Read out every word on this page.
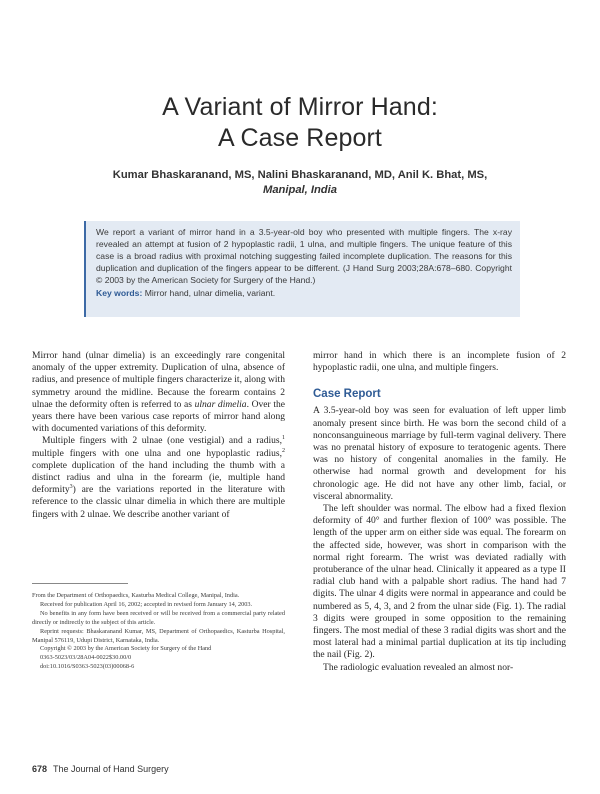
A Variant of Mirror Hand:
A Case Report
Kumar Bhaskaranand, MS, Nalini Bhaskaranand, MD, Anil K. Bhat, MS,
Manipal, India
We report a variant of mirror hand in a 3.5-year-old boy who presented with multiple fingers. The x-ray revealed an attempt at fusion of 2 hypoplastic radii, 1 ulna, and multiple fingers. The unique feature of this case is a broad radius with proximal notching suggesting failed incomplete duplication. The reasons for this duplication and duplication of the fingers appear to be different. (J Hand Surg 2003;28A:678–680. Copyright © 2003 by the American Society for Surgery of the Hand.)
Key words: Mirror hand, ulnar dimelia, variant.

Mirror hand (ulnar dimelia) is an exceedingly rare congenital anomaly of the upper extremity. Duplication of ulna, absence of radius, and presence of multiple fingers characterize it, along with symmetry around the midline. Because the forearm contains 2 ulnae the deformity often is referred to as ulnar dimelia. Over the years there have been various case reports of mirror hand along with documented variations of this deformity.

Multiple fingers with 2 ulnae (one vestigial) and a radius,$^1$ multiple fingers with one ulna and one hypoplastic radius,$^2$ complete duplication of the hand including the thumb with a distinct radius and ulna in the forearm (ie, multiple hand deformity$^3$) are the variations reported in the literature with reference to the classic ulnar dimelia in which there are multiple fingers with 2 ulnae. We describe another variant of

mirror hand in which there is an incomplete fusion of 2 hypoplastic radii, one ulna, and multiple fingers.

Case Report

A 3.5-year-old boy was seen for evaluation of left upper limb anomaly present since birth. He was born the second child of a nonconsanguineous marriage by full-term vaginal delivery. There was no prenatal history of exposure to teratogenic agents. There was no history of congenital anomalies in the family. He otherwise had normal growth and development for his chronologic age. He did not have any other limb, facial, or visceral abnormality.

The left shoulder was normal. The elbow had a fixed flexion deformity of 40° and further flexion of 100° was possible. The length of the upper arm on either side was equal. The forearm on the affected side, however, was short in comparison with the normal right forearm. The wrist was deviated radially with protuberance of the ulnar head. Clinically it appeared as a type II radial club hand with a palpable short radius. The hand had 7 digits. The ulnar 4 digits were normal in appearance and could be numbered as 5, 4, 3, and 2 from the ulnar side (Fig. 1). The radial 3 digits were grouped in some opposition to the remaining fingers. The most medial of these 3 radial digits was short and the most lateral had a minimal partial duplication at its tip including the nail (Fig. 2).

The radiologic evaluation revealed an almost nor-

From the Department of Orthopaedics, Kasturba Medical College, Manipal, India.

Received for publication April 16, 2002; accepted in revised form January 14, 2003.

No benefits in any form have been received or will be received from a commercial party related directly or indirectly to the subject of this article.

Reprint requests: Bhaskaranand Kumar, MS, Department of Orthopaedics, Kasturba Hospital, Manipal 576119, Udupi District, Karnataka, India.

Copyright © 2003 by the American Society for Surgery of the Hand

0363-5023/03/28A04-0022$30.00/0

doi:10.1016/S0363-5023(03)00068-6

678 The Journal of Hand Surgery
